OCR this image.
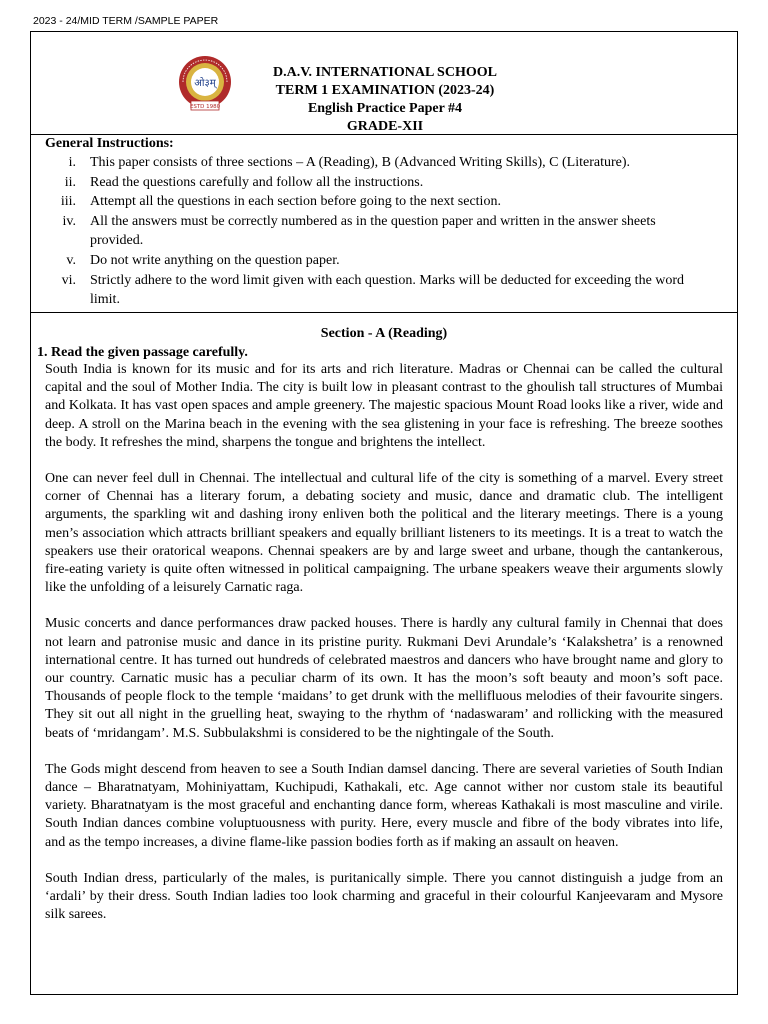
2023 - 24/MID TERM /SAMPLE PAPER
ओ३म्
ESTD 1980
D.A.V. INTERNATIONAL SCHOOL
TERM 1 EXAMINATION (2023-24)
English Practice Paper #4
GRADE-XII
General Instructions:
i.	This paper consists of three sections – A (Reading), B (Advanced Writing Skills), C (Literature).
ii.	Read the questions carefully and follow all the instructions.
iii.	Attempt all the questions in each section before going to the next section.
iv.	All the answers must be correctly numbered as in the question paper and written in the answer sheets provided.
v.	Do not write anything on the question paper.
vi.	Strictly adhere to the word limit given with each question. Marks will be deducted for exceeding the word limit.
Section - A (Reading)
1. Read the given passage carefully.

South India is known for its music and for its arts and rich literature. Madras or Chennai can be called the cultural capital and the soul of Mother India. The city is built low in pleasant contrast to the ghoulish tall structures of Mumbai and Kolkata. It has vast open spaces and ample greenery. The majestic spacious Mount Road looks like a river, wide and deep. A stroll on the Marina beach in the evening with the sea glistening in your face is refreshing. The breeze soothes the body. It refreshes the mind, sharpens the tongue and brightens the intellect.

One can never feel dull in Chennai. The intellectual and cultural life of the city is something of a marvel. Every street corner of Chennai has a literary forum, a debating society and music, dance and dramatic club. The intelligent arguments, the sparkling wit and dashing irony enliven both the political and the literary meetings. There is a young men’s association which attracts brilliant speakers and equally brilliant listeners to its meetings. It is a treat to watch the speakers use their oratorical weapons. Chennai speakers are by and large sweet and urbane, though the cantankerous, fire-eating variety is quite often witnessed in political campaigning. The urbane speakers weave their arguments slowly like the unfolding of a leisurely Carnatic raga.

Music concerts and dance performances draw packed houses. There is hardly any cultural family in Chennai that does not learn and patronise music and dance in its pristine purity. Rukmani Devi Arundale’s ‘Kalakshetra’ is a renowned international centre. It has turned out hundreds of celebrated maestros and dancers who have brought name and glory to our country. Carnatic music has a peculiar charm of its own. It has the moon’s soft beauty and moon’s soft pace. Thousands of people flock to the temple ‘maidans’ to get drunk with the mellifluous melodies of their favourite singers. They sit out all night in the gruelling heat, swaying to the rhythm of ‘nadaswaram’ and rollicking with the measured beats of ‘mridangam’. M.S. Subbulakshmi is considered to be the nightingale of the South.

The Gods might descend from heaven to see a South Indian damsel dancing. There are several varieties of South Indian dance – Bharatnatyam, Mohiniyattam, Kuchipudi, Kathakali, etc. Age cannot wither nor custom stale its beautiful variety. Bharatnatyam is the most graceful and enchanting dance form, whereas Kathakali is most masculine and virile. South Indian dances combine voluptuousness with purity. Here, every muscle and fibre of the body vibrates into life, and as the tempo increases, a divine flame-like passion bodies forth as if making an assault on heaven.

South Indian dress, particularly of the males, is puritanically simple. There you cannot distinguish a judge from an ‘ardali’ by their dress. South Indian ladies too look charming and graceful in their colourful Kanjeevaram and Mysore silk sarees.
